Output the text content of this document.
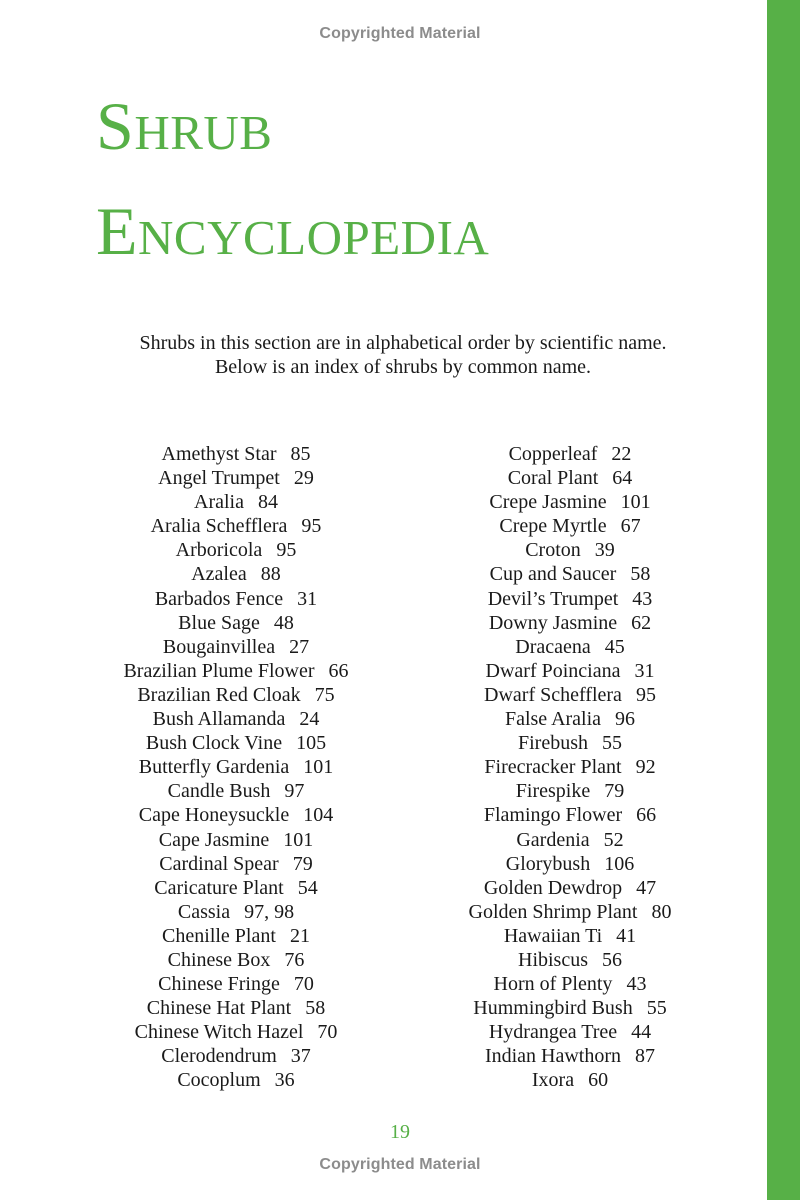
Copyrighted Material
SHRUB
ENCYCLOPEDIA

Shrubs in this section are in alphabetical order by scientific name.

Below is an index of shrubs by common name.

Amethyst Star 85
Angel Trumpet 29
Aralia 84
Aralia Schefflera 95
Arboricola 95
Azalea 88
Barbados Fence 31
Blue Sage 48
Bougainvillea 27
Brazilian Plume Flower 66
Brazilian Red Cloak 75
Bush Allamanda 24
Bush Clock Vine 105
Butterfly Gardenia 101
Candle Bush 97
Cape Honeysuckle 104
Cape Jasmine 101
Cardinal Spear 79
Caricature Plant 54
Cassia 97, 98
Chenille Plant 21
Chinese Box 76
Chinese Fringe 70
Chinese Hat Plant 58
Chinese Witch Hazel 70
Clerodendrum 37
Cocoplum 36
Copperleaf 22
Coral Plant 64
Crepe Jasmine 101
Crepe Myrtle 67
Croton 39
Cup and Saucer 58
Devil’s Trumpet 43
Downy Jasmine 62
Dracaena 45
Dwarf Poinciana 31
Dwarf Schefflera 95
False Aralia 96
Firebush 55
Firecracker Plant 92
Firespike 79
Flamingo Flower 66
Gardenia 52
Glorybush 106
Golden Dewdrop 47
Golden Shrimp Plant 80
Hawaiian Ti 41
Hibiscus 56
Horn of Plenty 43
Hummingbird Bush 55
Hydrangea Tree 44
Indian Hawthorn 87
Ixora 60
19
Copyrighted Material
